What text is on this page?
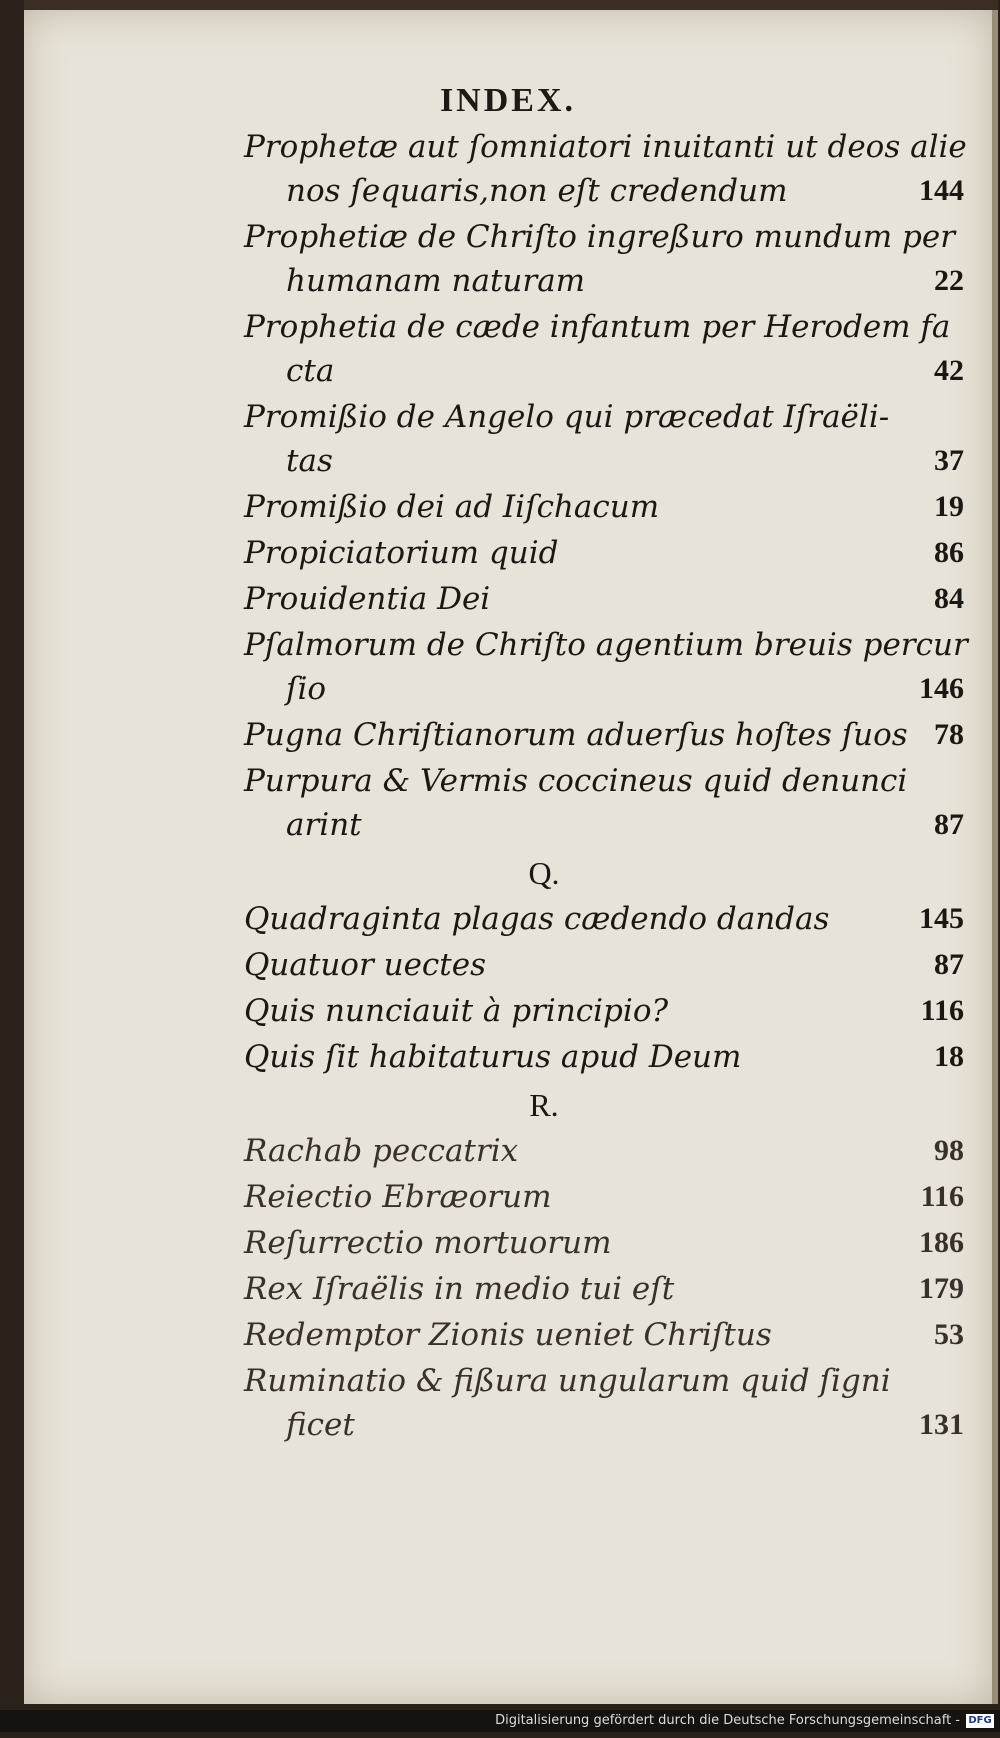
INDEX.
Prophetæ aut ſomniatori inuitanti ut deos alie
nos ſequaris,non eſt credendum	144
Prophetiæ de Chriſto ingreßuro mundum per
humanam naturam	22
Prophetia de cæde infantum per Herodem fa
cta	42
Promißio de Angelo qui præcedat Iſraëli-
tas	37
Promißio dei ad Iiſchacum	19
Propiciatorium quid	86
Prouidentia Dei	84
Pſalmorum de Chriſto agentium breuis percur
ſio	146
Pugna Chriſtianorum aduerſus hoſtes ſuos 78
Purpura & Vermis coccineus quid denunci
arint	87
Q.
Quadraginta plagas cædendo dandas	145
Quatuor uectes	87
Quis nunciauit à principio?	116
Quis ſit habitaturus apud Deum	18
R.
Rachab peccatrix	98
Reiectio Ebræorum	116
Reſurrectio mortuorum	186
Rex Iſraëlis in medio tui eſt	179
Redemptor Zionis ueniet Chriſtus	53
Ruminatio & fißura ungularum quid ſigni
ficet	131
Digitalisierung gefördert durch die Deutsche Forschungsgemeinschaft - DFG
